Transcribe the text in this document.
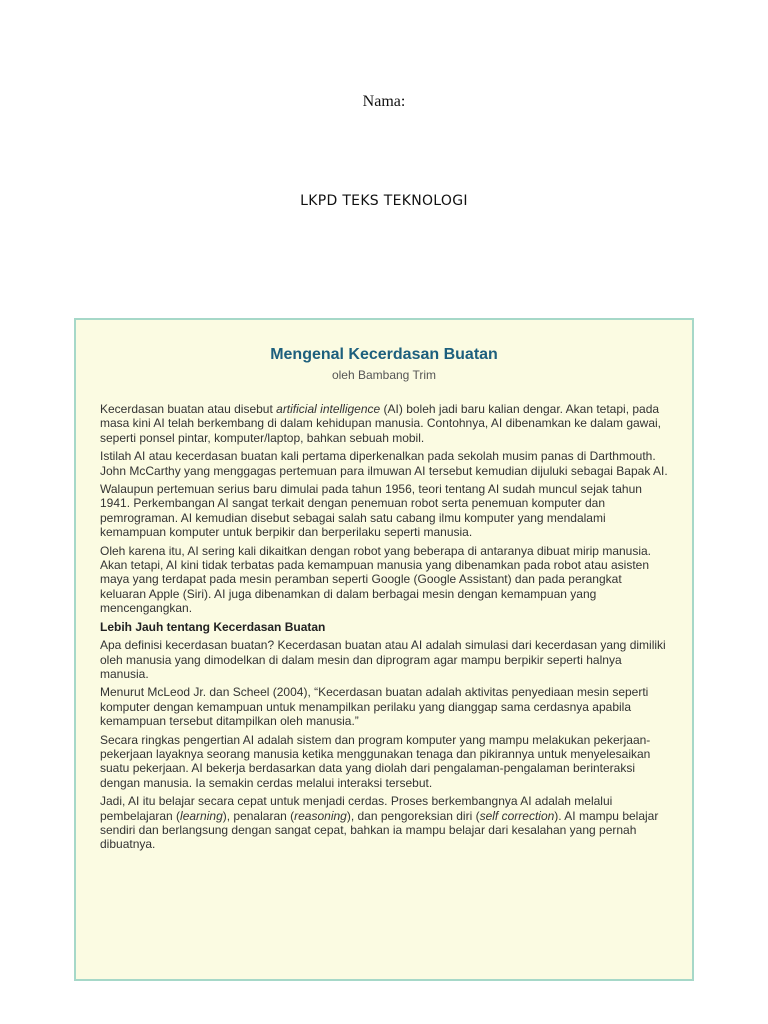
Nama:
LKPD TEKS TEKNOLOGI
Mengenal Kecerdasan Buatan
oleh Bambang Trim

Kecerdasan buatan atau disebut artificial intelligence (AI) boleh jadi baru kalian dengar. Akan tetapi, pada masa kini AI telah berkembang di dalam kehidupan manusia. Contohnya, AI dibenamkan ke dalam gawai, seperti ponsel pintar, komputer/laptop, bahkan sebuah mobil.

Istilah AI atau kecerdasan buatan kali pertama diperkenalkan pada sekolah musim panas di Darthmouth. John McCarthy yang menggagas pertemuan para ilmuwan AI tersebut kemudian dijuluki sebagai Bapak AI.

Walaupun pertemuan serius baru dimulai pada tahun 1956, teori tentang AI sudah muncul sejak tahun 1941. Perkembangan AI sangat terkait dengan penemuan robot serta penemuan komputer dan pemrograman. AI kemudian disebut sebagai salah satu cabang ilmu komputer yang mendalami kemampuan komputer untuk berpikir dan berperilaku seperti manusia.

Oleh karena itu, AI sering kali dikaitkan dengan robot yang beberapa di antaranya dibuat mirip manusia. Akan tetapi, AI kini tidak terbatas pada kemampuan manusia yang dibenamkan pada robot atau asisten maya yang terdapat pada mesin peramban seperti Google (Google Assistant) dan pada perangkat keluaran Apple (Siri). AI juga dibenamkan di dalam berbagai mesin dengan kemampuan yang mencengangkan.

Lebih Jauh tentang Kecerdasan Buatan

Apa definisi kecerdasan buatan? Kecerdasan buatan atau AI adalah simulasi dari kecerdasan yang dimiliki oleh manusia yang dimodelkan di dalam mesin dan diprogram agar mampu berpikir seperti halnya manusia.

Menurut McLeod Jr. dan Scheel (2004), “Kecerdasan buatan adalah aktivitas penyediaan mesin seperti komputer dengan kemampuan untuk menampilkan perilaku yang dianggap sama cerdasnya apabila kemampuan tersebut ditampilkan oleh manusia.”

Secara ringkas pengertian AI adalah sistem dan program komputer yang mampu melakukan pekerjaan-pekerjaan layaknya seorang manusia ketika menggunakan tenaga dan pikirannya untuk menyelesaikan suatu pekerjaan. AI bekerja berdasarkan data yang diolah dari pengalaman-pengalaman berinteraksi dengan manusia. Ia semakin cerdas melalui interaksi tersebut.

Jadi, AI itu belajar secara cepat untuk menjadi cerdas. Proses berkembangnya AI adalah melalui pembelajaran (learning), penalaran (reasoning), dan pengoreksian diri (self correction). AI mampu belajar sendiri dan berlangsung dengan sangat cepat, bahkan ia mampu belajar dari kesalahan yang pernah dibuatnya.
